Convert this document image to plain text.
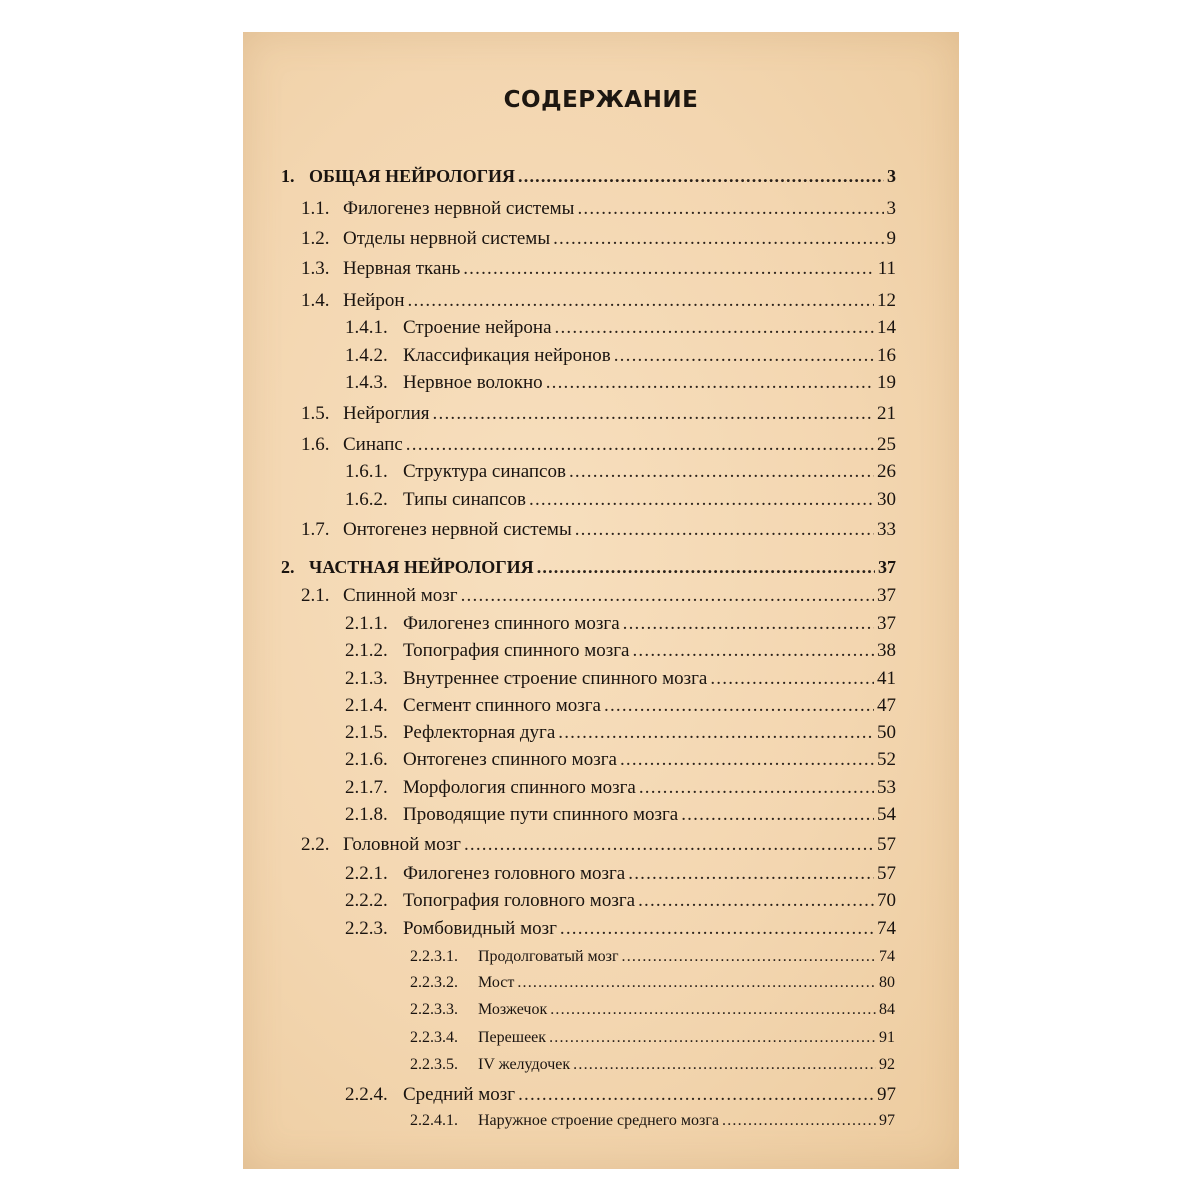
СОДЕРЖАНИЕ
1. ОБЩАЯ НЕЙРОЛОГИЯ .....	3
1.1. Филогенез нервной системы .....	3
1.2. Отделы нервной системы .....	9
1.3. Нервная ткань .....	11
1.4. Нейрон .....	12
1.4.1. Строение нейрона .....	14
1.4.2. Классификация нейронов .....	16
1.4.3. Нервное волокно .....	19
1.5. Нейроглия .....	21
1.6. Синапс .....	25
1.6.1. Структура синапсов .....	26
1.6.2. Типы синапсов .....	30
1.7. Онтогенез нервной системы .....	33
2. ЧАСТНАЯ НЕЙРОЛОГИЯ .....	37
2.1. Спинной мозг .....	37
2.1.1. Филогенез спинного мозга .....	37
2.1.2. Топография спинного мозга .....	38
2.1.3. Внутреннее строение спинного мозга .....	41
2.1.4. Сегмент спинного мозга .....	47
2.1.5. Рефлекторная дуга .....	50
2.1.6. Онтогенез спинного мозга .....	52
2.1.7. Морфология спинного мозга .....	53
2.1.8. Проводящие пути спинного мозга .....	54
2.2. Головной мозг .....	57
2.2.1. Филогенез головного мозга .....	57
2.2.2. Топография головного мозга .....	70
2.2.3. Ромбовидный мозг .....	74
2.2.3.1.	Продолговатый мозг .....	74
2.2.3.2.	Мост .....	80
2.2.3.3.	Мозжечок .....	84
2.2.3.4.	Перешеек .....	91
2.2.3.5.	IV желудочек .....	92
2.2.4. Средний мозг .....	97
2.2.4.1.	Наружное строение среднего мозга .....	97
